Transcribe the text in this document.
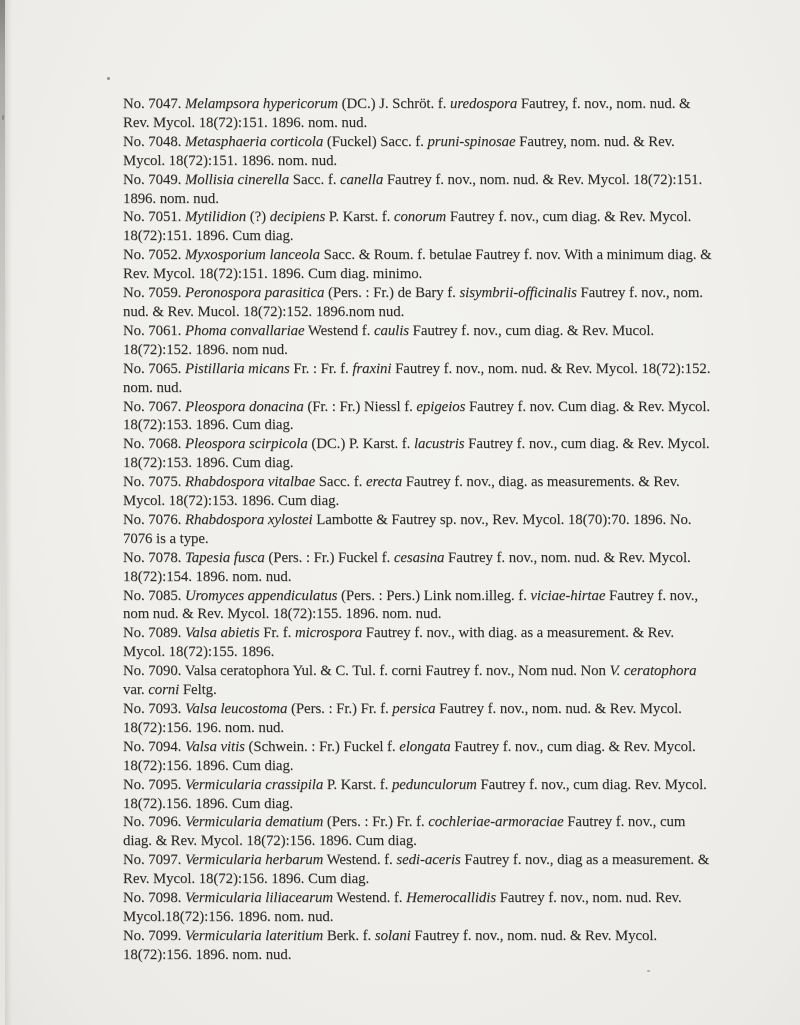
No. 7047. Melampsora hypericorum (DC.) J. Schröt. f. uredospora Fautrey, f. nov., nom. nud. & Rev. Mycol. 18(72):151. 1896. nom. nud.

No. 7048. Metasphaeria corticola (Fuckel) Sacc. f. pruni-spinosae Fautrey, nom. nud. & Rev. Mycol. 18(72):151. 1896. nom. nud.

No. 7049. Mollisia cinerella Sacc. f. canella Fautrey f. nov., nom. nud. & Rev. Mycol. 18(72):151. 1896. nom. nud.

No. 7051. Mytilidion (?) decipiens P. Karst. f. conorum Fautrey f. nov., cum diag. & Rev. Mycol. 18(72):151. 1896. Cum diag.

No. 7052. Myxosporium lanceola Sacc. & Roum. f. betulae Fautrey f. nov. With a minimum diag. & Rev. Mycol. 18(72):151. 1896. Cum diag. minimo.

No. 7059. Peronospora parasitica (Pers. : Fr.) de Bary f. sisymbrii-officinalis Fautrey f. nov., nom. nud. & Rev. Mucol. 18(72):152. 1896.nom nud.

No. 7061. Phoma convallariae Westend f. caulis Fautrey f. nov., cum diag. & Rev. Mucol. 18(72):152. 1896. nom nud.

No. 7065. Pistillaria micans Fr. : Fr. f. fraxini Fautrey f. nov., nom. nud. & Rev. Mycol. 18(72):152. nom. nud.

No. 7067. Pleospora donacina (Fr. : Fr.) Niessl f. epigeios Fautrey f. nov. Cum diag. & Rev. Mycol. 18(72):153. 1896. Cum diag.

No. 7068. Pleospora scirpicola (DC.) P. Karst. f. lacustris Fautrey f. nov., cum diag. & Rev. Mycol. 18(72):153. 1896. Cum diag.

No. 7075. Rhabdospora vitalbae Sacc. f. erecta Fautrey f. nov., diag. as measurements. & Rev. Mycol. 18(72):153. 1896. Cum diag.

No. 7076. Rhabdospora xylostei Lambotte & Fautrey sp. nov., Rev. Mycol. 18(70):70. 1896. No. 7076 is a type.

No. 7078. Tapesia fusca (Pers. : Fr.) Fuckel f. cesasina Fautrey f. nov., nom. nud. & Rev. Mycol. 18(72):154. 1896. nom. nud.

No. 7085. Uromyces appendiculatus (Pers. : Pers.) Link nom.illeg. f. viciae-hirtae Fautrey f. nov., nom nud. & Rev. Mycol. 18(72):155. 1896. nom. nud.

No. 7089. Valsa abietis Fr. f. microspora Fautrey f. nov., with diag. as a measurement. & Rev. Mycol. 18(72):155. 1896.

No. 7090. Valsa ceratophora Yul. & C. Tul. f. corni Fautrey f. nov., Nom nud. Non V. ceratophora var. corni Feltg.

No. 7093. Valsa leucostoma (Pers. : Fr.) Fr. f. persica Fautrey f. nov., nom. nud. & Rev. Mycol. 18(72):156. 196. nom. nud.

No. 7094. Valsa vitis (Schwein. : Fr.) Fuckel f. elongata Fautrey f. nov., cum diag. & Rev. Mycol. 18(72):156. 1896. Cum diag.

No. 7095. Vermicularia crassipila P. Karst. f. pedunculorum Fautrey f. nov., cum diag. Rev. Mycol. 18(72).156. 1896. Cum diag.

No. 7096. Vermicularia dematium (Pers. : Fr.) Fr. f. cochleriae-armoraciae Fautrey f. nov., cum diag. & Rev. Mycol. 18(72):156. 1896. Cum diag.

No. 7097. Vermicularia herbarum Westend. f. sedi-aceris Fautrey f. nov., diag as a measurement. & Rev. Mycol. 18(72):156. 1896. Cum diag.

No. 7098. Vermicularia liliacearum Westend. f. Hemerocallidis Fautrey f. nov., nom. nud. Rev. Mycol.18(72):156. 1896. nom. nud.

No. 7099. Vermicularia lateritium Berk. f. solani Fautrey f. nov., nom. nud. & Rev. Mycol. 18(72):156. 1896. nom. nud.
